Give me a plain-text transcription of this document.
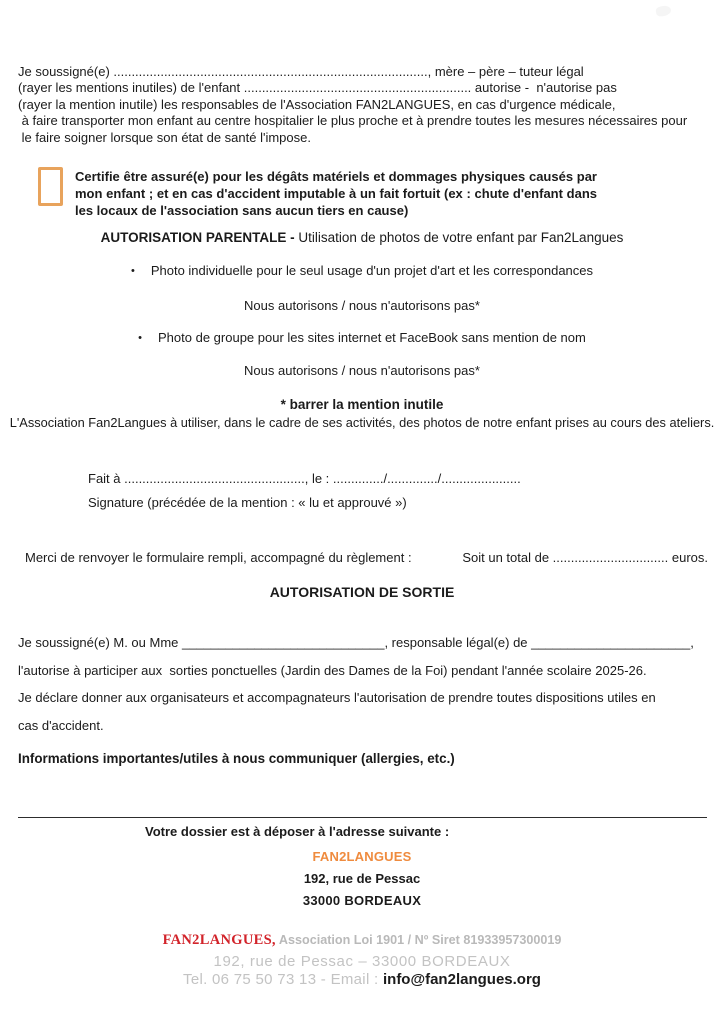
Je soussigné(e) ......................................................................................., mère – père – tuteur légal
(rayer les mentions inutiles) de l'enfant ............................................................... autorise -  n'autorise pas
(rayer la mention inutile) les responsables de l'Association FAN2LANGUES, en cas d'urgence médicale,
à faire transporter mon enfant au centre hospitalier le plus proche et à prendre toutes les mesures nécessaires pour
le faire soigner lorsque son état de santé l'impose.
Certifie être assuré(e) pour les dégâts matériels et dommages physiques causés par mon enfant ; et en cas d'accident imputable à un fait fortuit (ex : chute d'enfant dans les locaux de l'association sans aucun tiers en cause)
AUTORISATION PARENTALE - Utilisation de photos de votre enfant par Fan2Langues
• Photo individuelle pour le seul usage d'un projet d'art et les correspondances
Nous autorisons / nous n'autorisons pas*
• Photo de groupe pour les sites internet et FaceBook sans mention de nom
Nous autorisons / nous n'autorisons pas*
* barrer la mention inutile
L'Association Fan2Langues à utiliser, dans le cadre de ses activités, des photos de notre enfant prises au cours des ateliers.
Fait à .................................................., le : ............../............../......................
Signature (précédée de la mention : « lu et approuvé »)
Merci de renvoyer le formulaire rempli, accompagné du règlement :	Soit un total de ................................ euros.
AUTORISATION DE SORTIE
Je soussigné(e) M. ou Mme ____________________________, responsable légal(e) de ______________________,
l'autorise à participer aux  sorties ponctuelles (Jardin des Dames de la Foi) pendant l'année scolaire 2025-26.
Je déclare donner aux organisateurs et accompagnateurs l'autorisation de prendre toutes dispositions utiles en
cas d'accident.
Informations importantes/utiles à nous communiquer (allergies, etc.)
Votre dossier est à déposer à l'adresse suivante :
FAN2LANGUES
192, rue de Pessac
33000 BORDEAUX
FAN2LANGUES, Association Loi 1901 / Nº Siret 81933957300019
192, rue de Pessac – 33000 BORDEAUX
Tel. 06 75 50 73 13 - Email : info@fan2langues.org
